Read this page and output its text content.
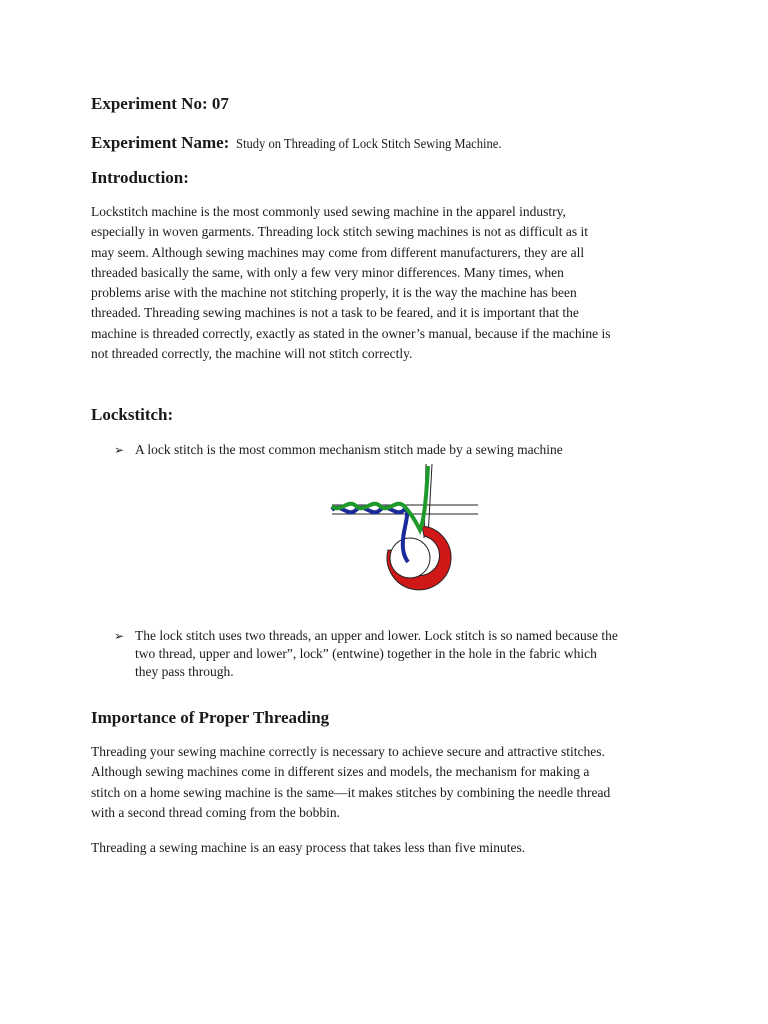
Experiment No: 07
Experiment Name: Study on Threading of Lock Stitch Sewing Machine.
Introduction:
Lockstitch machine is the most commonly used sewing machine in the apparel industry,
especially in woven garments. Threading lock stitch sewing machines is not as difficult as it
may seem. Although sewing machines may come from different manufacturers, they are all
threaded basically the same, with only a few very minor differences. Many times, when
problems arise with the machine not stitching properly, it is the way the machine has been
threaded. Threading sewing machines is not a task to be feared, and it is important that the
machine is threaded correctly, exactly as stated in the owner’s manual, because if the machine is
not threaded correctly, the machine will not stitch correctly.
Lockstitch:
➢ A lock stitch is the most common mechanism stitch made by a sewing machine
➢ The lock stitch uses two threads, an upper and lower. Lock stitch is so named because the
two thread, upper and lower”, lock” (entwine) together in the hole in the fabric which
they pass through.
Importance of Proper Threading
Threading your sewing machine correctly is necessary to achieve secure and attractive stitches.
Although sewing machines come in different sizes and models, the mechanism for making a
stitch on a home sewing machine is the same—it makes stitches by combining the needle thread
with a second thread coming from the bobbin.
Threading a sewing machine is an easy process that takes less than five minutes.
